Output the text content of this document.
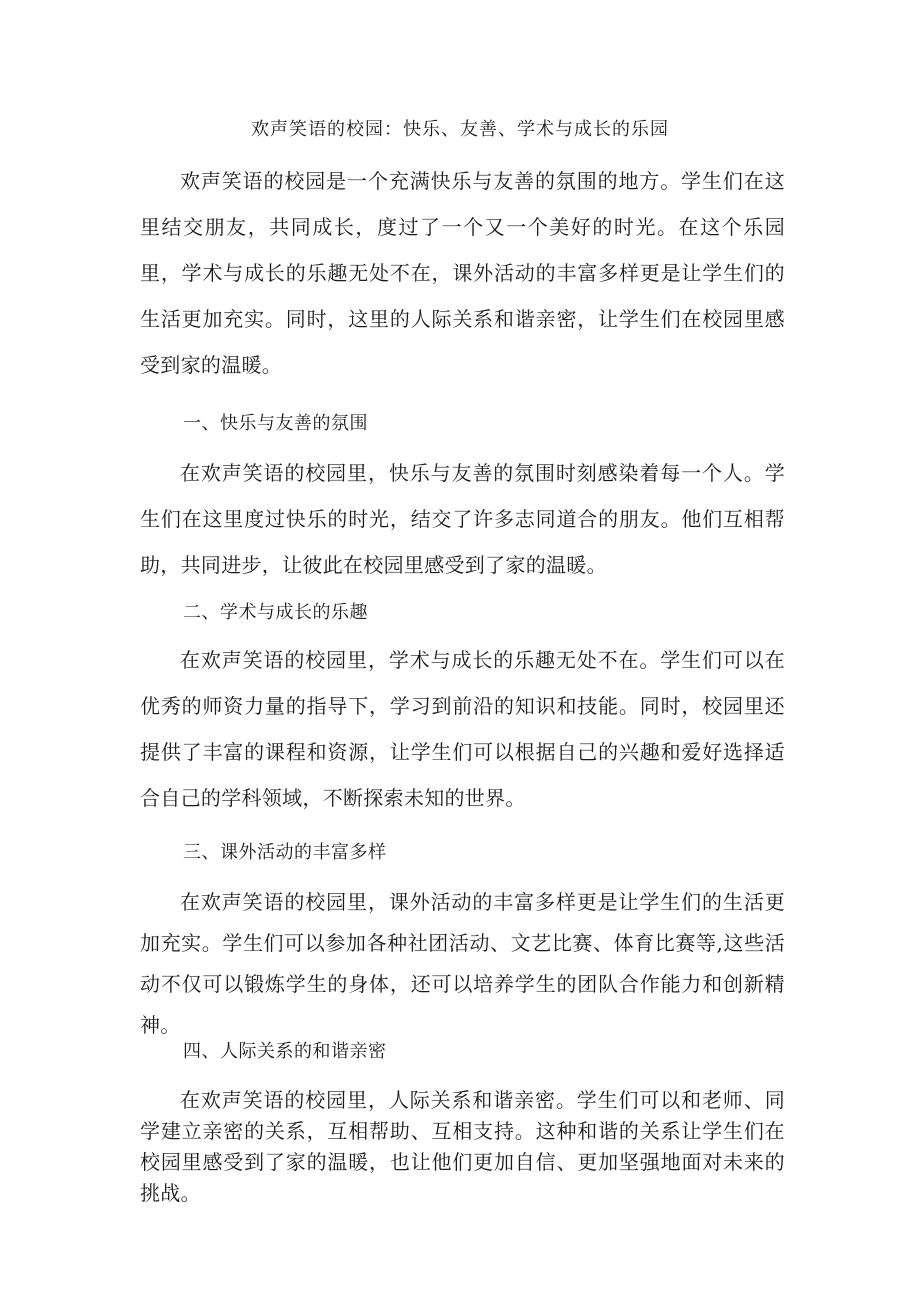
欢声笑语的校园：快乐、友善、学术与成长的乐园

欢声笑语的校园是一个充满快乐与友善的氛围的地方。学生们在这里结交朋友，共同成长，度过了一个又一个美好的时光。在这个乐园里，学术与成长的乐趣无处不在，课外活动的丰富多样更是让学生们的生活更加充实。同时，这里的人际关系和谐亲密，让学生们在校园里感受到家的温暖。

一、快乐与友善的氛围

在欢声笑语的校园里，快乐与友善的氛围时刻感染着每一个人。学生们在这里度过快乐的时光，结交了许多志同道合的朋友。他们互相帮助，共同进步，让彼此在校园里感受到了家的温暖。

二、学术与成长的乐趣

在欢声笑语的校园里，学术与成长的乐趣无处不在。学生们可以在优秀的师资力量的指导下，学习到前沿的知识和技能。同时，校园里还提供了丰富的课程和资源，让学生们可以根据自己的兴趣和爱好选择适合自己的学科领域，不断探索未知的世界。

三、课外活动的丰富多样

在欢声笑语的校园里，课外活动的丰富多样更是让学生们的生活更加充实。学生们可以参加各种社团活动、文艺比赛、体育比赛等,这些活动不仅可以锻炼学生的身体，还可以培养学生的团队合作能力和创新精神。

四、人际关系的和谐亲密

在欢声笑语的校园里，人际关系和谐亲密。学生们可以和老师、同学建立亲密的关系，互相帮助、互相支持。这种和谐的关系让学生们在校园里感受到了家的温暖，也让他们更加自信、更加坚强地面对未来的挑战。
